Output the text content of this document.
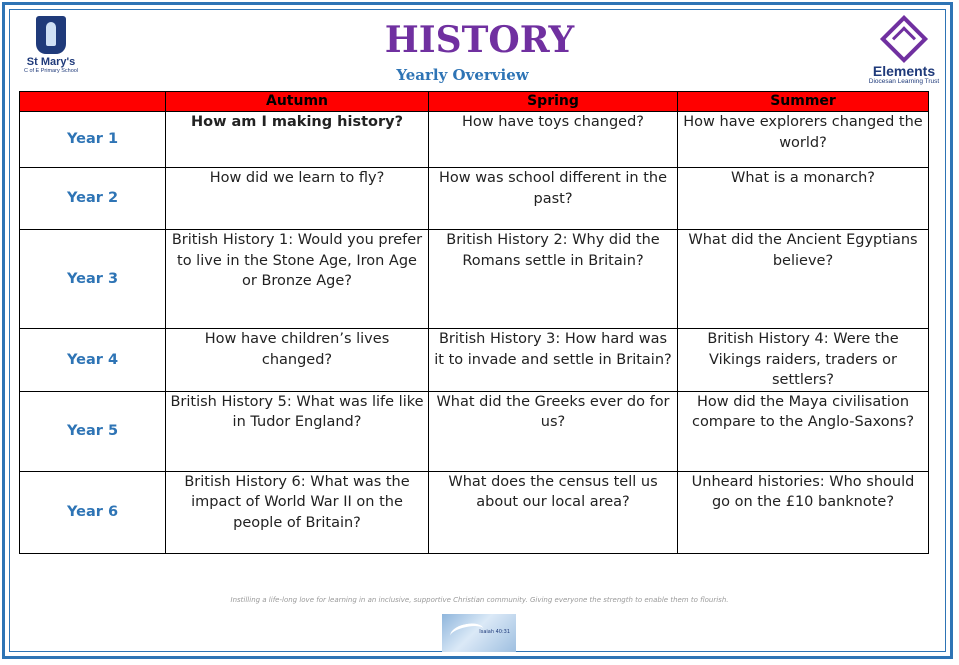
St Mary's
C of E Primary School
HISTORY
Yearly Overview	Elements
Diocesan Learning Trust
	Autumn	Spring	Summer
Year 1	How am I making history?	How have toys changed?	How have explorers changed the world?
Year 2	How did we learn to fly?	How was school different in the past?	What is a monarch?
Year 3	British History 1: Would you prefer to live in the Stone Age, Iron Age or Bronze Age?	British History 2: Why did the Romans settle in Britain?	What did the Ancient Egyptians believe?
Year 4	How have children’s lives changed?	British History 3: How hard was it to invade and settle in Britain?	British History 4: Were the Vikings raiders, traders or settlers?
Year 5	British History 5: What was life like in Tudor England?	What did the Greeks ever do for us?	How did the Maya civilisation compare to the Anglo-Saxons?
Year 6	British History 6: What was the impact of World War II on the people of Britain?	What does the census tell us about our local area?	Unheard histories: Who should go on the £10 banknote?
Instilling a life-long love for learning in an inclusive, supportive Christian community. Giving everyone the strength to enable them to flourish.
Isaiah 40:31
